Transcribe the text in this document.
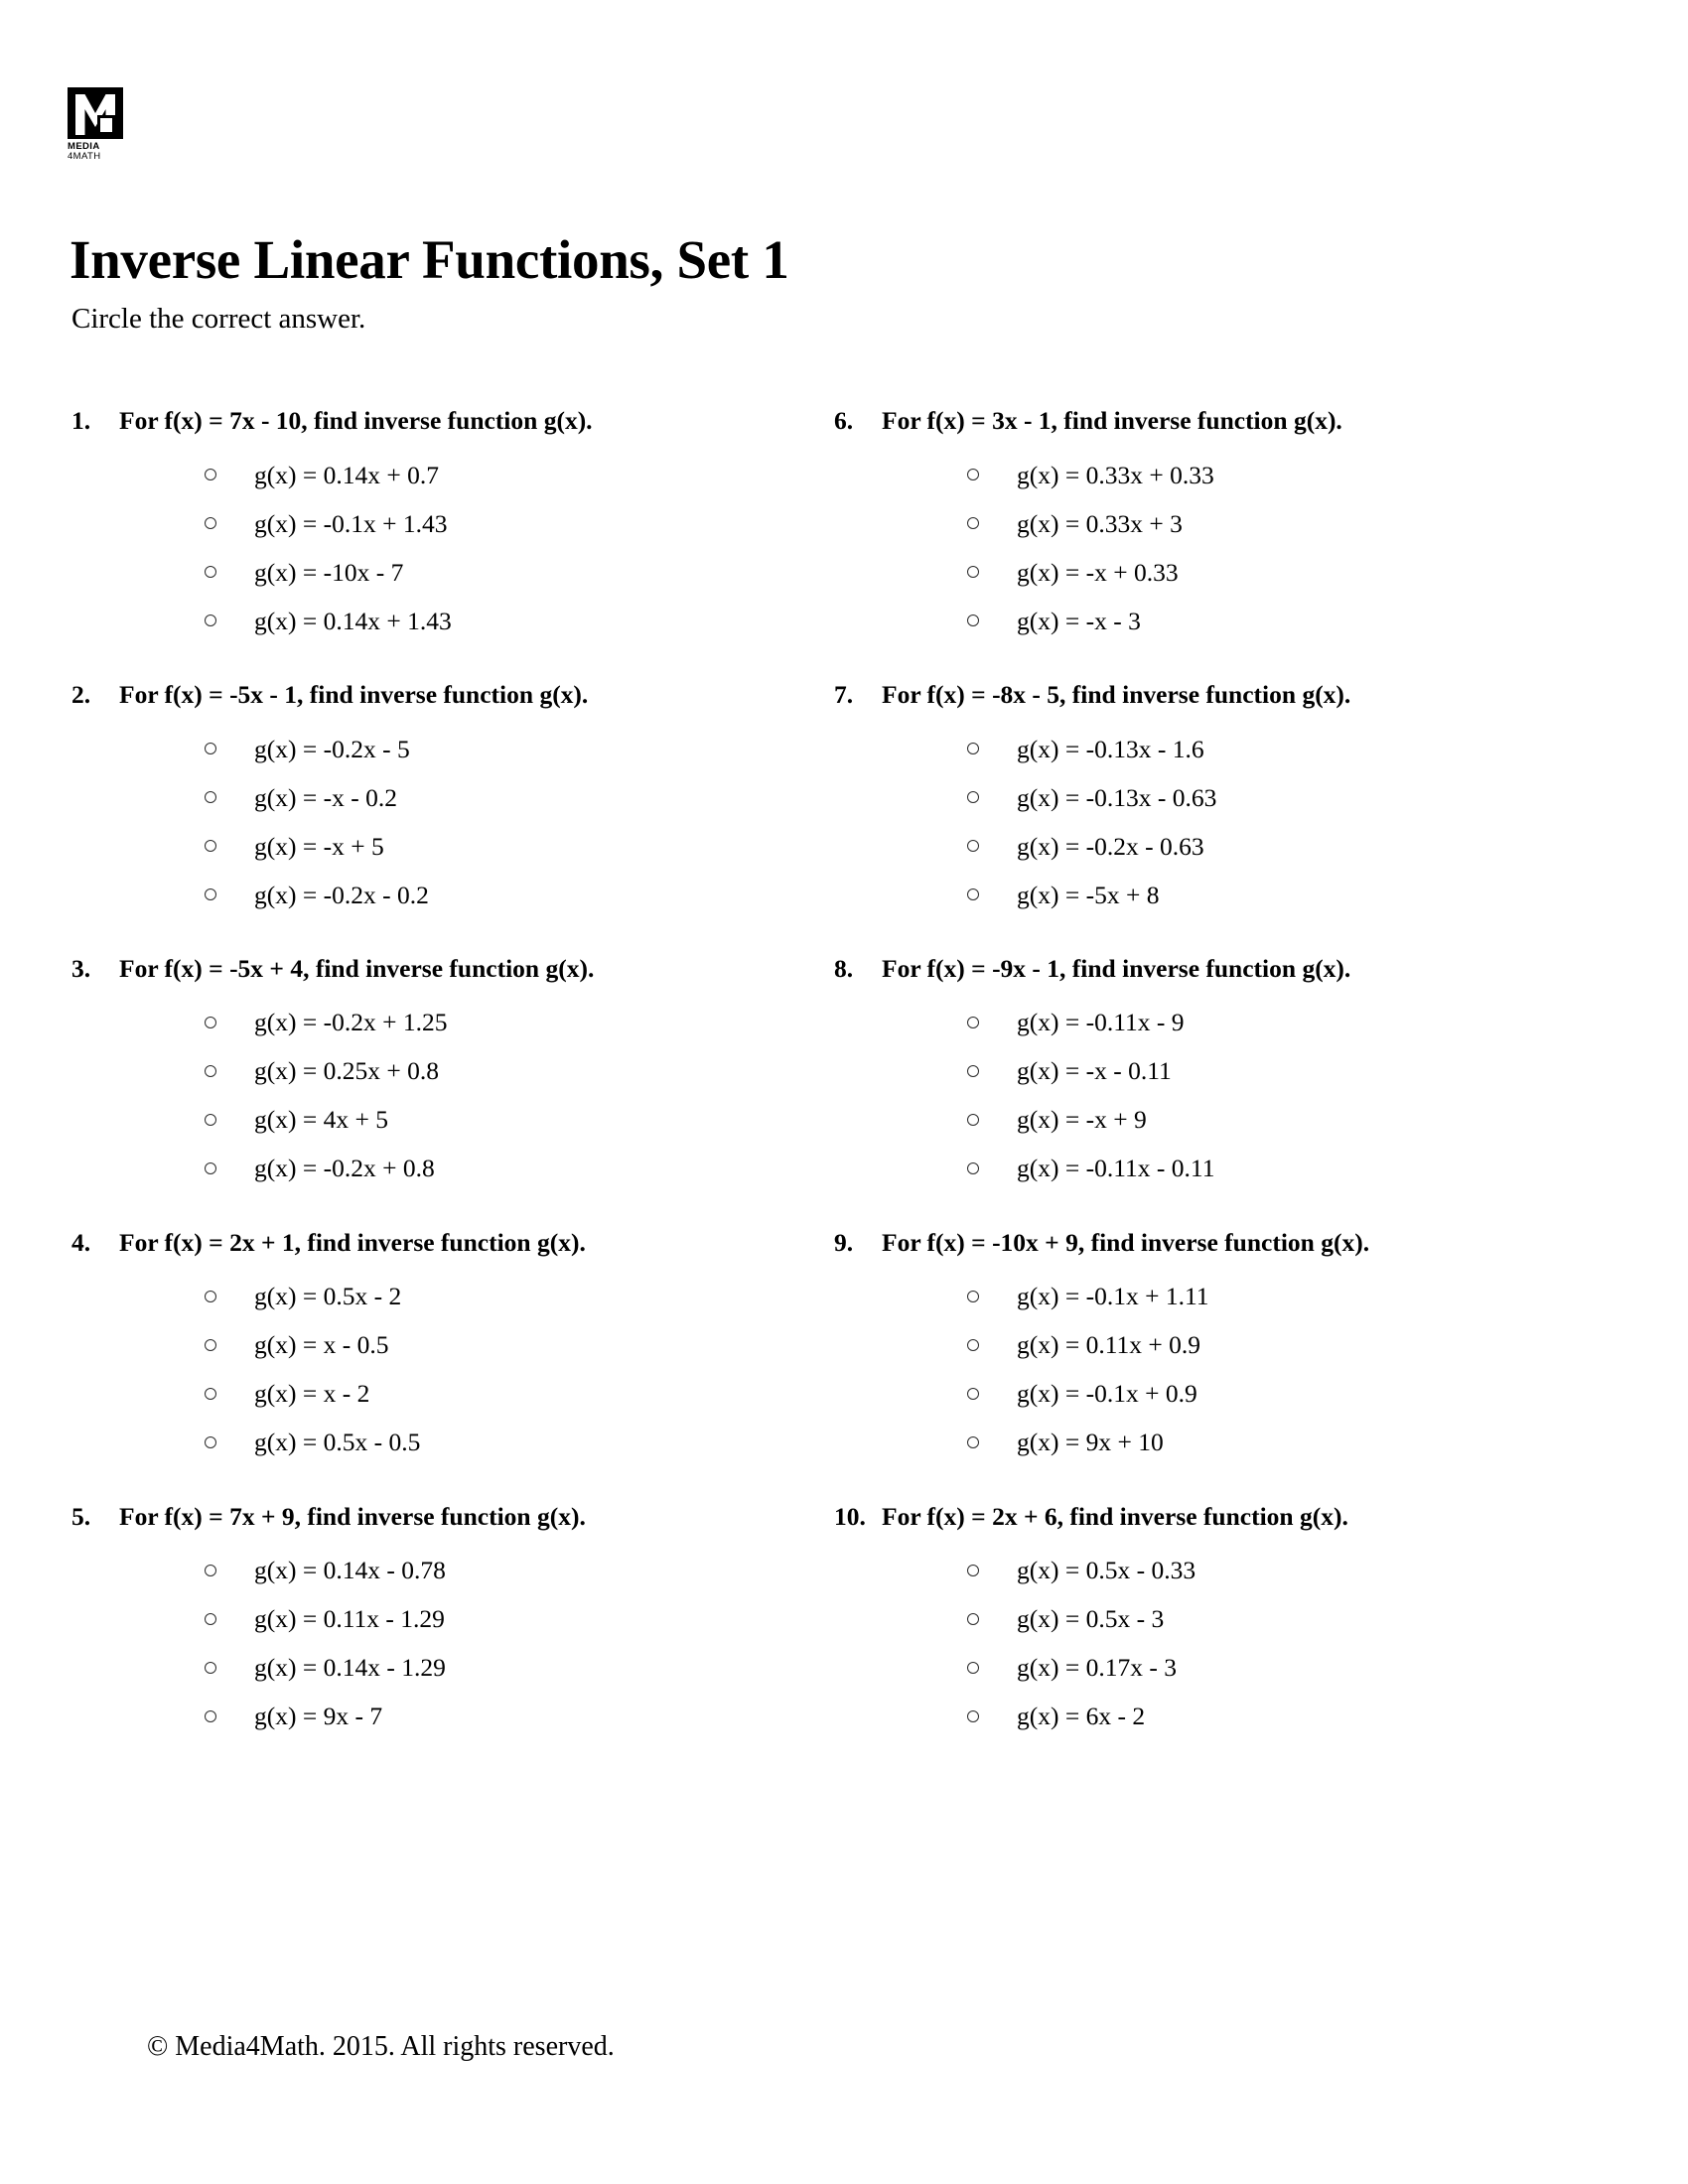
MEDIA
4MATH
Inverse Linear Functions, Set 1
Circle the correct answer.
1.	For f(x) = 7x - 10, find inverse function g(x).
g(x) = 0.14x + 0.7
g(x) = -0.1x + 1.43
g(x) = -10x - 7
g(x) = 0.14x + 1.43
2.	For f(x) = -5x - 1, find inverse function g(x).
g(x) = -0.2x - 5
g(x) = -x - 0.2
g(x) = -x + 5
g(x) = -0.2x - 0.2
3.	For f(x) = -5x + 4, find inverse function g(x).
g(x) = -0.2x + 1.25
g(x) = 0.25x + 0.8
g(x) = 4x + 5
g(x) = -0.2x + 0.8
4.	For f(x) = 2x + 1, find inverse function g(x).
g(x) = 0.5x - 2
g(x) = x - 0.5
g(x) = x - 2
g(x) = 0.5x - 0.5
5.	For f(x) = 7x + 9, find inverse function g(x).
g(x) = 0.14x - 0.78
g(x) = 0.11x - 1.29
g(x) = 0.14x - 1.29
g(x) = 9x - 7
6.	For f(x) = 3x - 1, find inverse function g(x).
g(x) = 0.33x + 0.33
g(x) = 0.33x + 3
g(x) = -x + 0.33
g(x) = -x - 3
7.	For f(x) = -8x - 5, find inverse function g(x).
g(x) = -0.13x - 1.6
g(x) = -0.13x - 0.63
g(x) = -0.2x - 0.63
g(x) = -5x + 8
8.	For f(x) = -9x - 1, find inverse function g(x).
g(x) = -0.11x - 9
g(x) = -x - 0.11
g(x) = -x + 9
g(x) = -0.11x - 0.11
9.	For f(x) = -10x + 9, find inverse function g(x).
g(x) = -0.1x + 1.11
g(x) = 0.11x + 0.9
g(x) = -0.1x + 0.9
g(x) = 9x + 10
10. For f(x) = 2x + 6, find inverse function g(x).
g(x) = 0.5x - 0.33
g(x) = 0.5x - 3
g(x) = 0.17x - 3
g(x) = 6x - 2
© Media4Math. 2015. All rights reserved.
